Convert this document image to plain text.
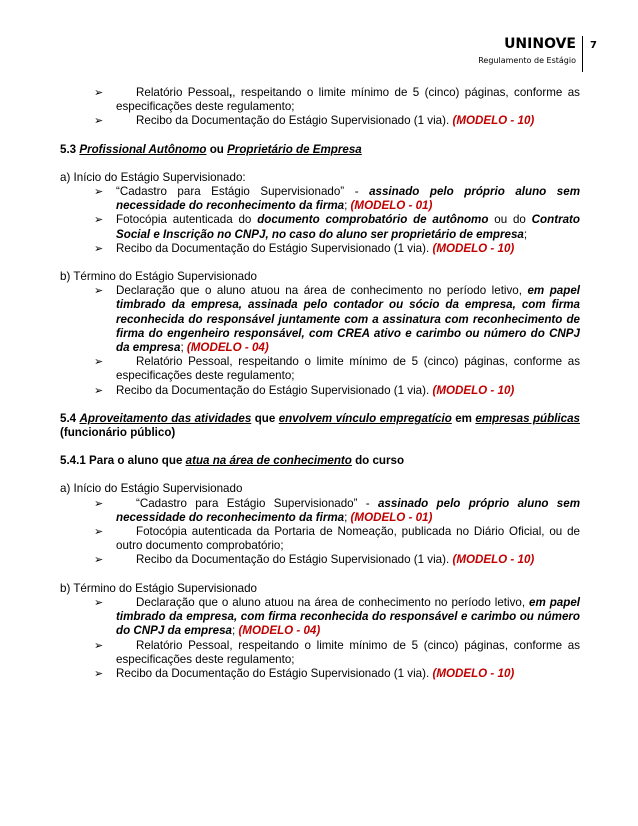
UNINOVE
Regulamento de Estágio
7
➢	Relatório Pessoal,, respeitando o limite mínimo de 5 (cinco) páginas, conforme as especificações deste regulamento;
➢	Recibo da Documentação do Estágio Supervisionado (1 via). (MODELO - 10)
5.3 Profissional Autônomo ou Proprietário de Empresa
a) Início do Estágio Supervisionado:
➢ “Cadastro para Estágio Supervisionado” - assinado pelo próprio aluno sem necessidade do reconhecimento da firma; (MODELO - 01)
➢ Fotocópia autenticada do documento comprobatório de autônomo ou do Contrato Social e Inscrição no CNPJ, no caso do aluno ser proprietário de empresa;
➢ Recibo da Documentação do Estágio Supervisionado (1 via). (MODELO - 10)
b) Término do Estágio Supervisionado
➢ Declaração que o aluno atuou na área de conhecimento no período letivo, em papel timbrado da empresa, assinada pelo contador ou sócio da empresa, com firma reconhecida do responsável juntamente com a assinatura com reconhecimento de firma do engenheiro responsável, com CREA ativo e carimbo ou número do CNPJ da empresa; (MODELO - 04)
➢	Relatório Pessoal, respeitando o limite mínimo de 5 (cinco) páginas, conforme as especificações deste regulamento;
➢ Recibo da Documentação do Estágio Supervisionado (1 via). (MODELO - 10)
5.4 Aproveitamento das atividades que envolvem vínculo empregatício em empresas públicas (funcionário público)
5.4.1 Para o aluno que atua na área de conhecimento do curso
a) Início do Estágio Supervisionado
➢	“Cadastro para Estágio Supervisionado” - assinado pelo próprio aluno sem necessidade do reconhecimento da firma; (MODELO - 01)
➢	Fotocópia autenticada da Portaria de Nomeação, publicada no Diário Oficial, ou de outro documento comprobatório;
➢	Recibo da Documentação do Estágio Supervisionado (1 via). (MODELO - 10)
b) Término do Estágio Supervisionado
➢	Declaração que o aluno atuou na área de conhecimento no período letivo, em papel timbrado da empresa, com firma reconhecida do responsável e carimbo ou número do CNPJ da empresa; (MODELO - 04)
➢	Relatório Pessoal, respeitando o limite mínimo de 5 (cinco) páginas, conforme as especificações deste regulamento;
➢ Recibo da Documentação do Estágio Supervisionado (1 via). (MODELO - 10)
